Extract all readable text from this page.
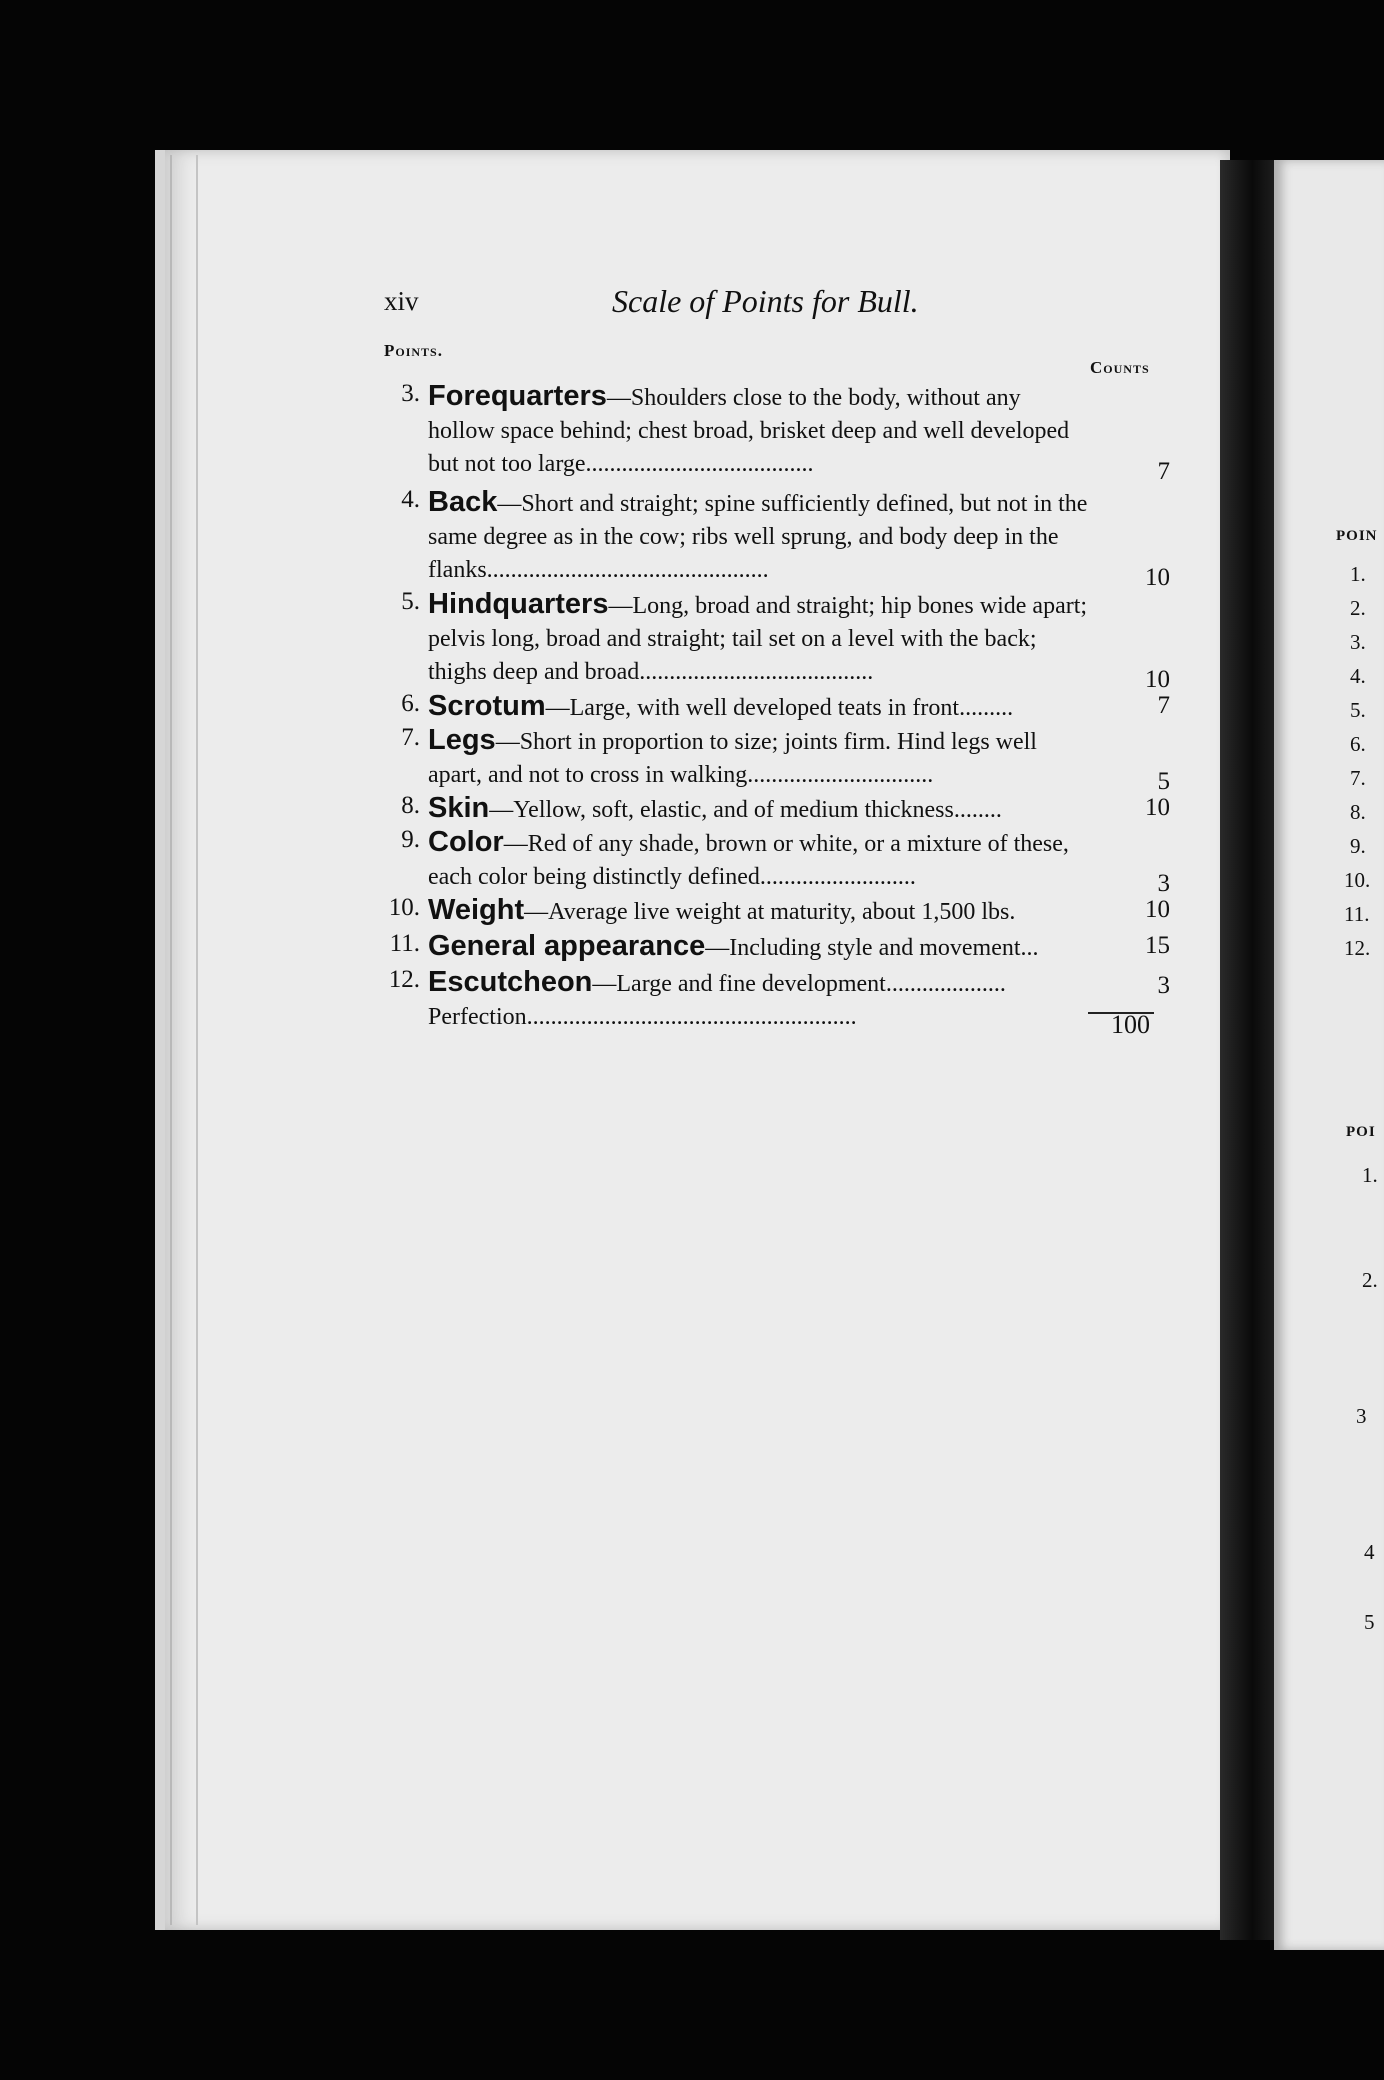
xiv	Scale of Points for Bull.
Points.
Counts
3. Forequarters—Shoulders close to the body, without any hollow space behind; chest broad, brisket deep and well developed but not too large......................................	7
4. Back—Short and straight; spine sufficiently defined, but not in the same degree as in the cow; ribs well sprung, and body deep in the flanks...............................................	10
5. Hindquarters—Long, broad and straight; hip bones wide apart; pelvis long, broad and straight; tail set on a level with the back; thighs deep and broad.......................................	10
6. Scrotum—Large, with well developed teats in front.........	7
7. Legs—Short in proportion to size; joints firm. Hind legs well apart, and not to cross in walking...............................	5
8. Skin—Yellow, soft, elastic, and of medium thickness........	10
9. Color—Red of any shade, brown or white, or a mixture of these, each color being distinctly defined..........................	3
10. Weight—Average live weight at maturity, about 1,500 lbs.	10
11. General appearance—Including style and movement...	15
12. Escutcheon—Large and fine development....................	3
Perfection.......................................................	100
POIN
1.
2.
3.
4.
5.
6.
7.
8.
9.
10.
11.
12.
POI
1.
2.
3
4
5
